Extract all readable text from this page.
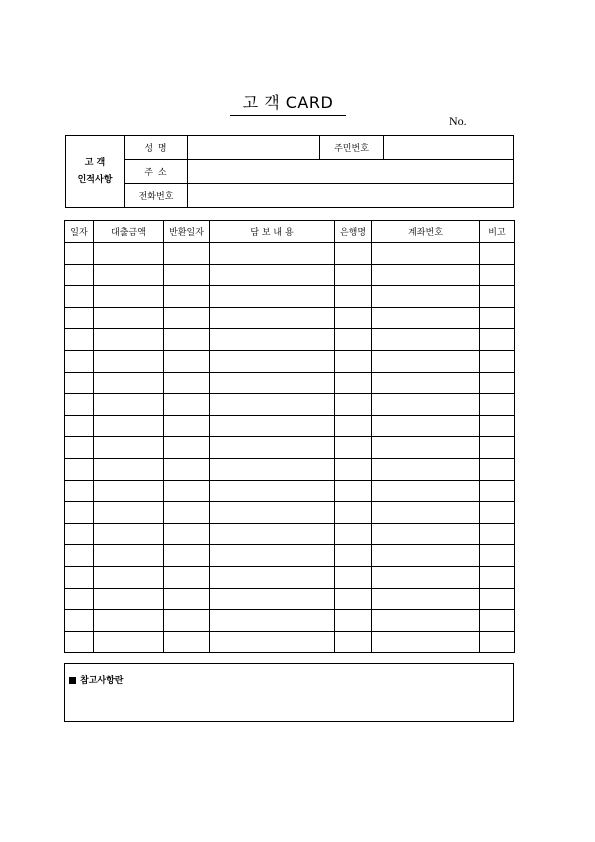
고 객 CARD
No.
고 객
인적사항	성 명		주민번호	
	주 소			
	전화번호			
일자	대출금액	반환일자	담 보 내 용	은행명	계좌번호	비고

참고사항란
